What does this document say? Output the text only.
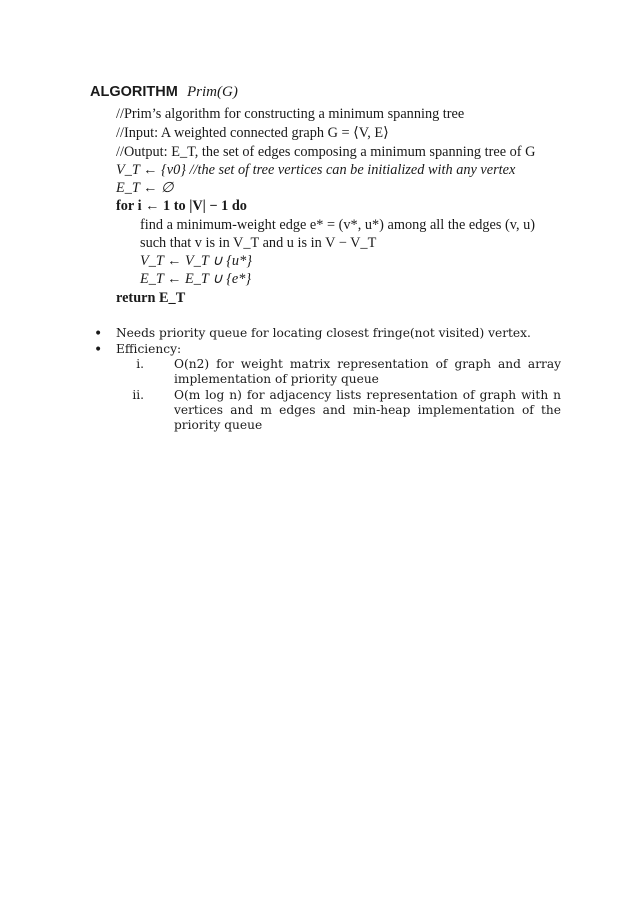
ALGORITHM Prim(G)
//Prim’s algorithm for constructing a minimum spanning tree
//Input: A weighted connected graph G = ⟨V, E⟩
//Output: E_T, the set of edges composing a minimum spanning tree of G
V_T ← {v0} //the set of tree vertices can be initialized with any vertex
E_T ← ∅
for i ← 1 to |V| − 1 do
find a minimum-weight edge e* = (v*, u*) among all the edges (v, u)
such that v is in V_T and u is in V − V_T
V_T ← V_T ∪ {u*}
E_T ← E_T ∪ {e*}
return E_T
• Needs priority queue for locating closest fringe(not visited) vertex.
• Efficiency:
i. O(n2) for weight matrix representation of graph and array
implementation of priority queue
ii. O(m log n) for adjacency lists representation of graph with n
vertices and m edges and min-heap implementation of the
priority queue
